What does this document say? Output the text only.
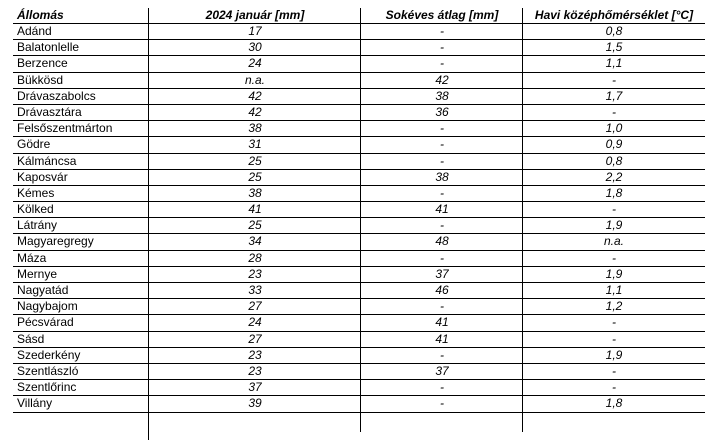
Állomás	2024 január [mm]	Sokéves átlag [mm]	Havi középhőmérséklet [°C]
Adánd	17	-	0,8
Balatonlelle	30	-	1,5
Berzence	24	-	1,1
Bükkösd	n.a.	42	-
Drávaszabolcs	42	38	1,7
Drávasztára	42	36	-
Felsőszentmárton	38	-	1,0
Gödre	31	-	0,9
Kálmáncsa	25	-	0,8
Kaposvár	25	38	2,2
Kémes	38	-	1,8
Kölked	41	41	-
Látrány	25	-	1,9
Magyaregregy	34	48	n.a.
Máza	28	-	-
Mernye	23	37	1,9
Nagyatád	33	46	1,1
Nagybajom	27	-	1,2
Pécsvárad	24	41	-
Sásd	27	41	-
Szederkény	23	-	1,9
Szentlászló	23	37	-
Szentlőrinc	37	-	-
Villány	39	-	1,8
